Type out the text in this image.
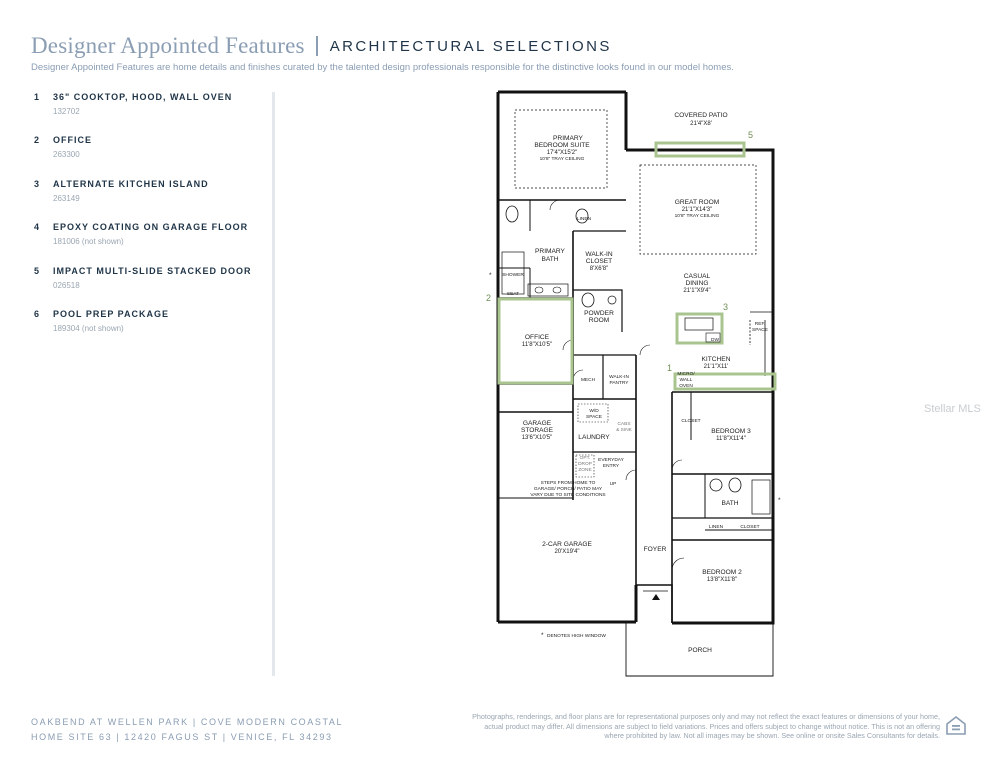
Designer Appointed Features ARCHITECTURAL SELECTIONS
Designer Appointed Features are home details and finishes curated by the talented design professionals responsible for the distinctive looks found in our model homes.
1 36" COOKTOP, HOOD, WALL OVEN
132702
2 OFFICE
263300
3 ALTERNATE KITCHEN ISLAND
263149
4 EPOXY COATING ON GARAGE FLOOR
181006 (not shown)
5 IMPACT MULTI-SLIDE STACKED DOOR
026518
6 POOL PREP PACKAGE
189304 (not shown)
5
2
3
1
COVERED PATIO
21'4"X8'
PRIMARY
BEDROOM SUITE
17'4"X15'2"
10'8" TRAY CEILING
GREAT ROOM
21'1"X14'3"
10'8" TRAY CEILING
LINEN
PRIMARY
BATH
WALK-IN
CLOSET
8'X6'8"
SHOWER
SEAT
*	CASUAL
DINING
21'1"X9'4"
POWDER
ROOM
OFFICE
11'8"X10'5"
DW
REF.
SPACE
KITCHEN
21'1"X11'
MICRO/
WALL
OVEN
MECH
WALK-IN
PANTRY
CLOSET
BEDROOM 3
11'8"X11'4"
GARAGE
STORAGE
13'6"X10'5"
W/D
SPACE
CABS
& SINK
LAUNDRY
OPT.
DROP
ZONE
EVERYDAY
ENTRY
UP
STEPS FROM HOME TO
GARAGE/ PORCH/ PATIO MAY
VARY DUE TO SITE CONDITIONS
BATH	*
LINEN	CLOSET
2-CAR GARAGE
20'X19'4"	FOYER
BEDROOM 2
13'8"X11'8"
PORCH
* DENOTES HIGH WINDOW
Stellar MLS
OAKBEND AT WELLEN PARK | COVE MODERN COASTAL
HOME SITE 63 | 12420 FAGUS ST | VENICE, FL 34293
Photographs, renderings, and floor plans are for representational purposes only and may not reflect the exact features or dimensions of your home, actual product may differ. All dimensions are subject to field variations. Prices and offers subject to change without notice. This is not an offering where prohibited by law. Not all images may be shown. See online or onsite Sales Consultants for details.
